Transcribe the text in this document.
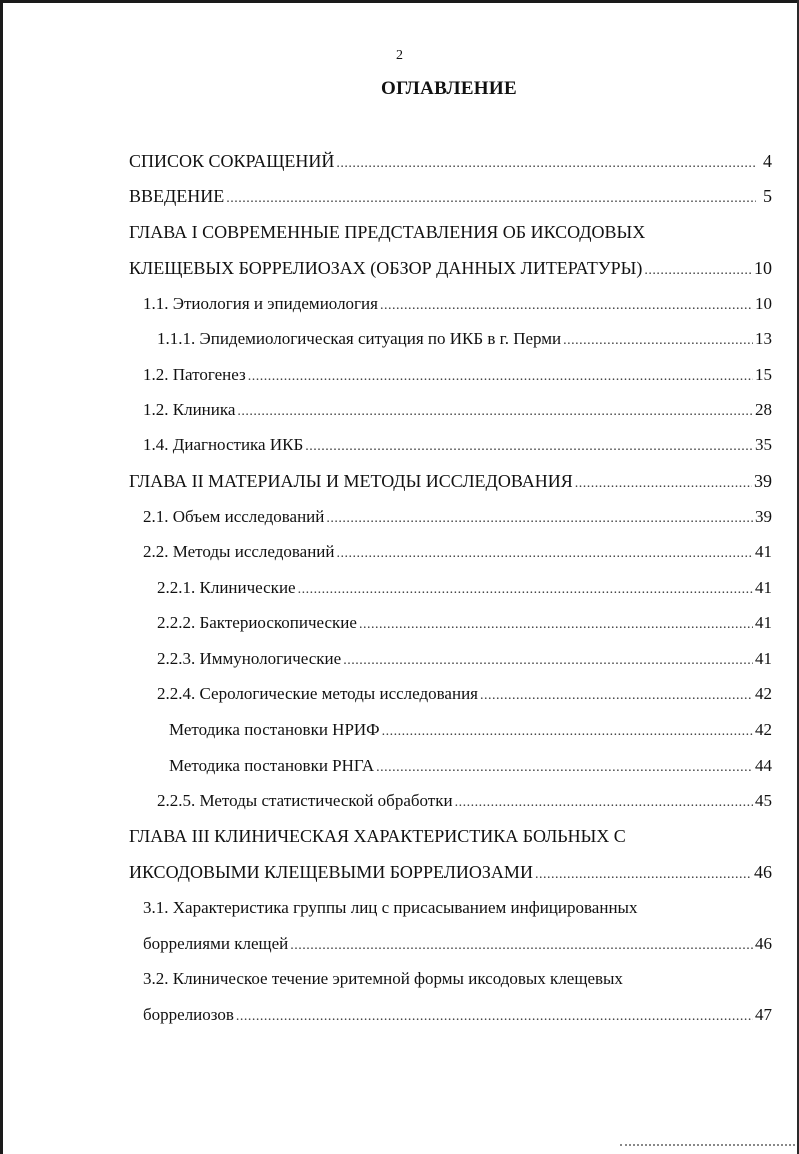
2
ОГЛАВЛЕНИЕ
СПИСОК СОКРАЩЕНИЙ .....	4
ВВЕДЕНИЕ .....	5
ГЛАВА I СОВРЕМЕННЫЕ ПРЕДСТАВЛЕНИЯ ОБ ИКСОДОВЫХ
КЛЕЩЕВЫХ БОРРЕЛИОЗАХ (ОБЗОР ДАННЫХ ЛИТЕРАТУРЫ) .....	10
1.1. Этиология и эпидемиология .....	10
1.1.1. Эпидемиологическая ситуация по ИКБ в г. Перми .....	13
1.2. Патогенез .....	15
1.2. Клиника .....	28
1.4. Диагностика ИКБ .....	35
ГЛАВА II МАТЕРИАЛЫ И МЕТОДЫ ИССЛЕДОВАНИЯ .....	39
2.1. Объем исследований .....	39
2.2. Методы исследований .....	41
2.2.1. Клинические .....	41
2.2.2. Бактериоскопические .....	41
2.2.3. Иммунологические .....	41
2.2.4. Серологические методы исследования .....	42
Методика постановки НРИФ .....	42
Методика постановки РНГА .....	44
2.2.5. Методы статистической обработки .....	45
ГЛАВА III КЛИНИЧЕСКАЯ ХАРАКТЕРИСТИКА БОЛЬНЫХ С
ИКСОДОВЫМИ КЛЕЩЕВЫМИ БОРРЕЛИОЗАМИ .....	46
3.1. Характеристика группы лиц с присасыванием инфицированных
боррелиями клещей .....	46
3.2. Клиническое течение эритемной формы иксодовых клещевых
боррелиозов .....	47
